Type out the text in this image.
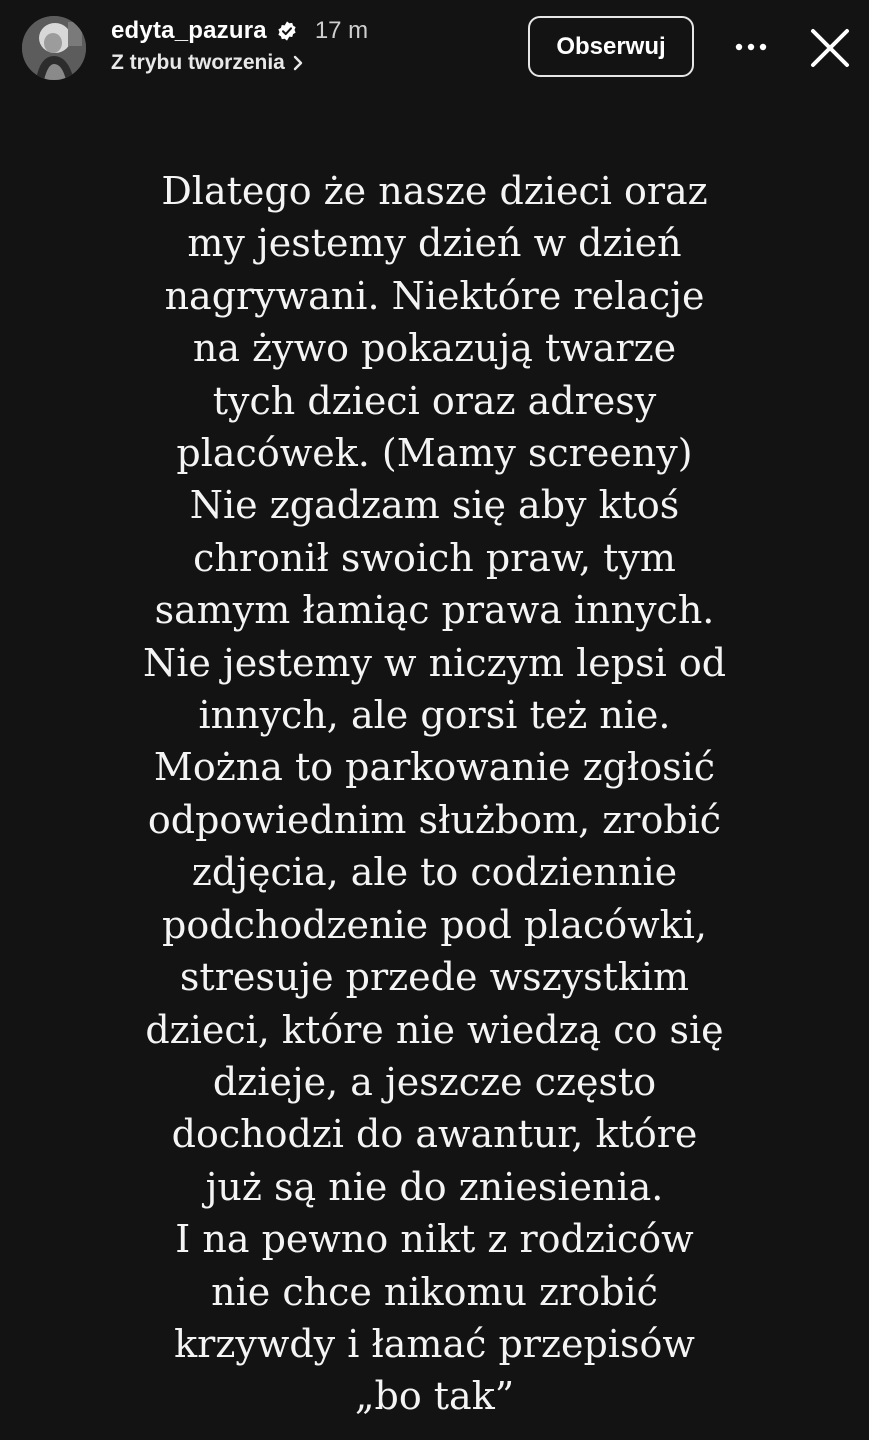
edyta_pazura 17 m
Z trybu tworzenia
Obserwuj
Dlatego że nasze dzieci oraz
my jestemy dzień w dzień
nagrywani. Niektóre relacje
na żywo pokazują twarze
tych dzieci oraz adresy
placówek. (Mamy screeny)
Nie zgadzam się aby ktoś
chronił swoich praw, tym
samym łamiąc prawa innych.
Nie jestemy w niczym lepsi od
innych, ale gorsi też nie.
Można to parkowanie zgłosić
odpowiednim służbom, zrobić
zdjęcia, ale to codziennie
podchodzenie pod placówki,
stresuje przede wszystkim
dzieci, które nie wiedzą co się
dzieje, a jeszcze często
dochodzi do awantur, które
już są nie do zniesienia.
I na pewno nikt z rodziców
nie chce nikomu zrobić
krzywdy i łamać przepisów
„bo tak”
